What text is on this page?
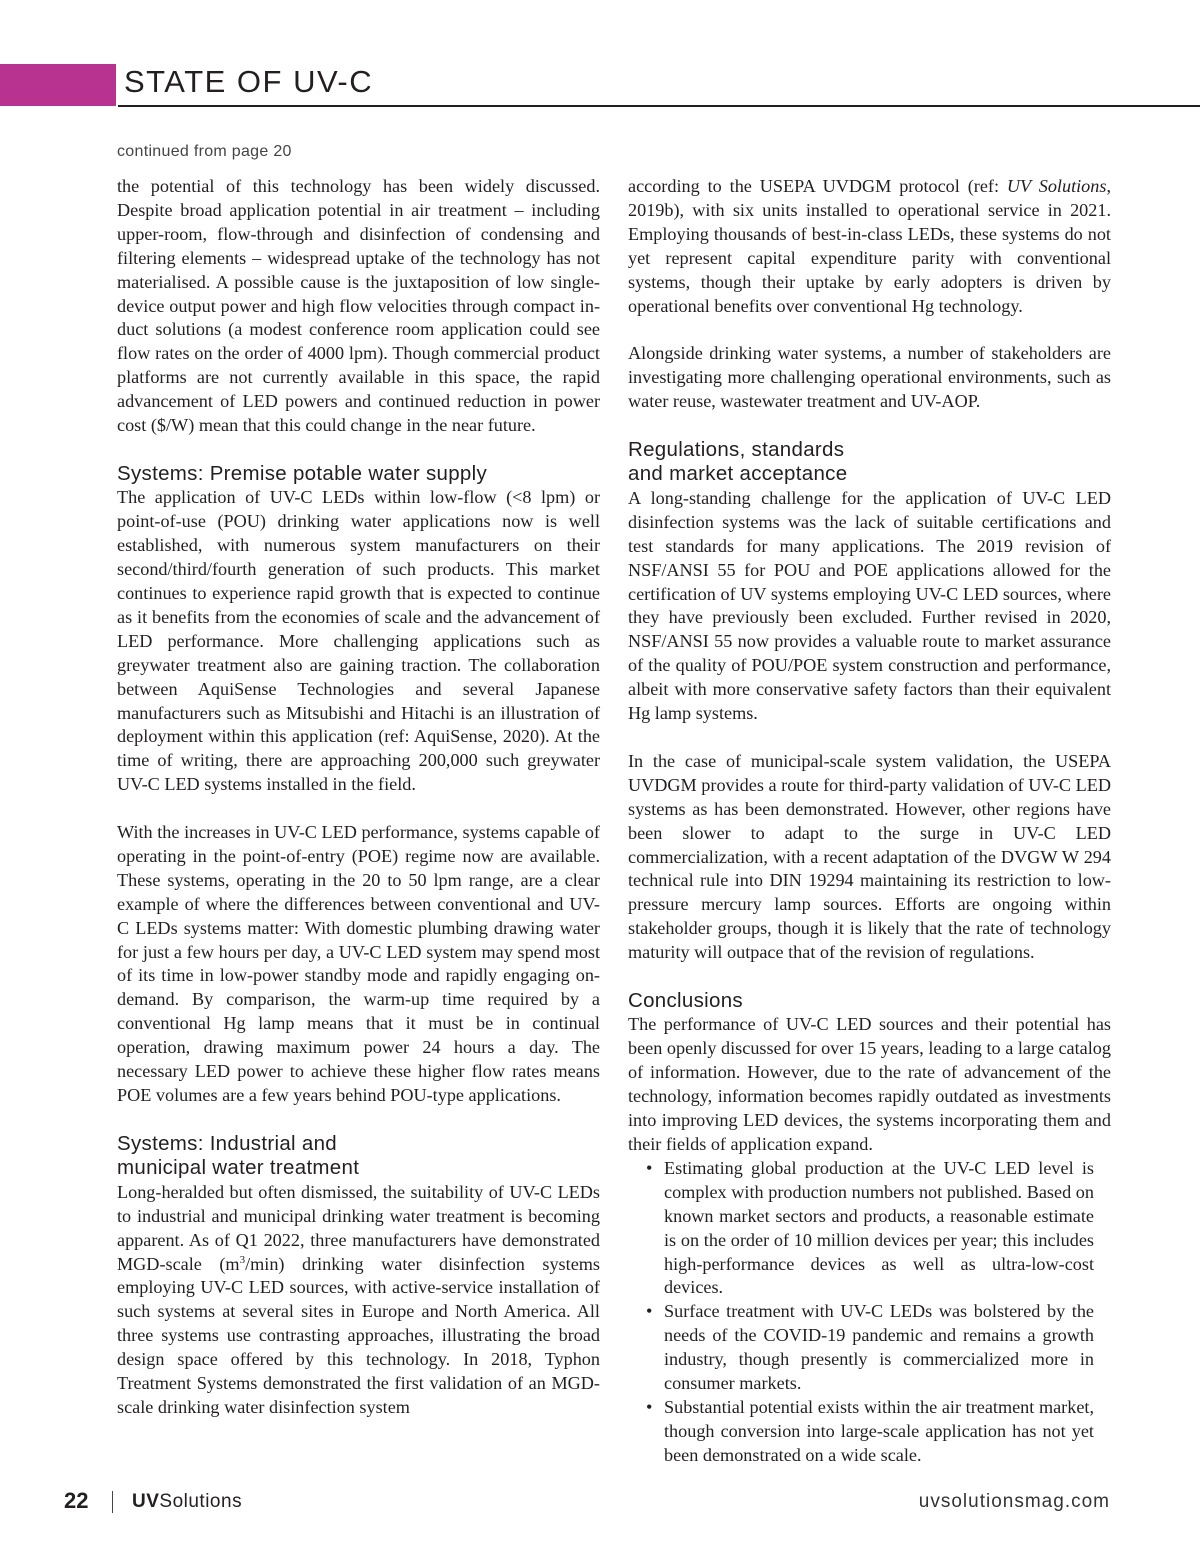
STATE OF UV-C
continued from page 20

the potential of this technology has been widely discussed. Despite broad application potential in air treatment – including upper-room, flow-through and disinfection of condensing and filtering elements – widespread uptake of the technology has not materialised. A possible cause is the juxtaposition of low single-device output power and high flow velocities through compact in-duct solutions (a modest conference room application could see flow rates on the order of 4000 lpm). Though commercial product platforms are not currently available in this space, the rapid advancement of LED powers and continued reduction in power cost ($/W) mean that this could change in the near future.

Systems: Premise potable water supply

The application of UV-C LEDs within low-flow (<8 lpm) or point-of-use (POU) drinking water applications now is well established, with numerous system manufacturers on their second/third/fourth generation of such products. This market continues to experience rapid growth that is expected to continue as it benefits from the economies of scale and the advancement of LED performance. More challenging applications such as greywater treatment also are gaining traction. The collaboration between AquiSense Technologies and several Japanese manufacturers such as Mitsubishi and Hitachi is an illustration of deployment within this application (ref: AquiSense, 2020). At the time of writing, there are approaching 200,000 such greywater UV-C LED systems installed in the field.

With the increases in UV-C LED performance, systems capable of operating in the point-of-entry (POE) regime now are available. These systems, operating in the 20 to 50 lpm range, are a clear example of where the differences between conventional and UV-C LEDs systems matter: With domestic plumbing drawing water for just a few hours per day, a UV-C LED system may spend most of its time in low-power standby mode and rapidly engaging on-demand. By comparison, the warm-up time required by a conventional Hg lamp means that it must be in continual operation, drawing maximum power 24 hours a day. The necessary LED power to achieve these higher flow rates means POE volumes are a few years behind POU-type applications.

Systems: Industrial and
municipal water treatment

Long-heralded but often dismissed, the suitability of UV-C LEDs to industrial and municipal drinking water treatment is becoming apparent. As of Q1 2022, three manufacturers have demonstrated MGD-scale $(m^3/\min)$ drinking water disinfection systems employing UV-C LED sources, with active-service installation of such systems at several sites in Europe and North America. All three systems use contrasting approaches, illustrating the broad design space offered by this technology. In 2018, Typhon Treatment Systems demonstrated the first validation of an MGD-scale drinking water disinfection system

according to the USEPA UVDGM protocol (ref: UV Solutions, 2019b), with six units installed to operational service in 2021. Employing thousands of best-in-class LEDs, these systems do not yet represent capital expenditure parity with conventional systems, though their uptake by early adopters is driven by operational benefits over conventional Hg technology.

Alongside drinking water systems, a number of stakeholders are investigating more challenging operational environments, such as water reuse, wastewater treatment and UV-AOP.

Regulations, standards
and market acceptance

A long-standing challenge for the application of UV-C LED disinfection systems was the lack of suitable certifications and test standards for many applications. The 2019 revision of NSF/ANSI 55 for POU and POE applications allowed for the certification of UV systems employing UV-C LED sources, where they have previously been excluded. Further revised in 2020, NSF/ANSI 55 now provides a valuable route to market assurance of the quality of POU/POE system construction and performance, albeit with more conservative safety factors than their equivalent Hg lamp systems.

In the case of municipal-scale system validation, the USEPA UVDGM provides a route for third-party validation of UV-C LED systems as has been demonstrated. However, other regions have been slower to adapt to the surge in UV-C LED commercialization, with a recent adaptation of the DVGW W 294 technical rule into DIN 19294 maintaining its restriction to low-pressure mercury lamp sources. Efforts are ongoing within stakeholder groups, though it is likely that the rate of technology maturity will outpace that of the revision of regulations.

Conclusions

The performance of UV-C LED sources and their potential has been openly discussed for over 15 years, leading to a large catalog of information. However, due to the rate of advancement of the technology, information becomes rapidly outdated as investments into improving LED devices, the systems incorporating them and their fields of application expand.

• Estimating global production at the UV-C LED level is complex with production numbers not published. Based on known market sectors and products, a reasonable estimate is on the order of 10 million devices per year; this includes high-performance devices as well as ultra-low-cost devices.
• Surface treatment with UV-C LEDs was bolstered by the needs of the COVID-19 pandemic and remains a growth industry, though presently is commercialized more in consumer markets.
• Substantial potential exists within the air treatment market, though conversion into large-scale application has not yet been demonstrated on a wide scale.
22 UVSolutions	uvsolutionsmag.com
